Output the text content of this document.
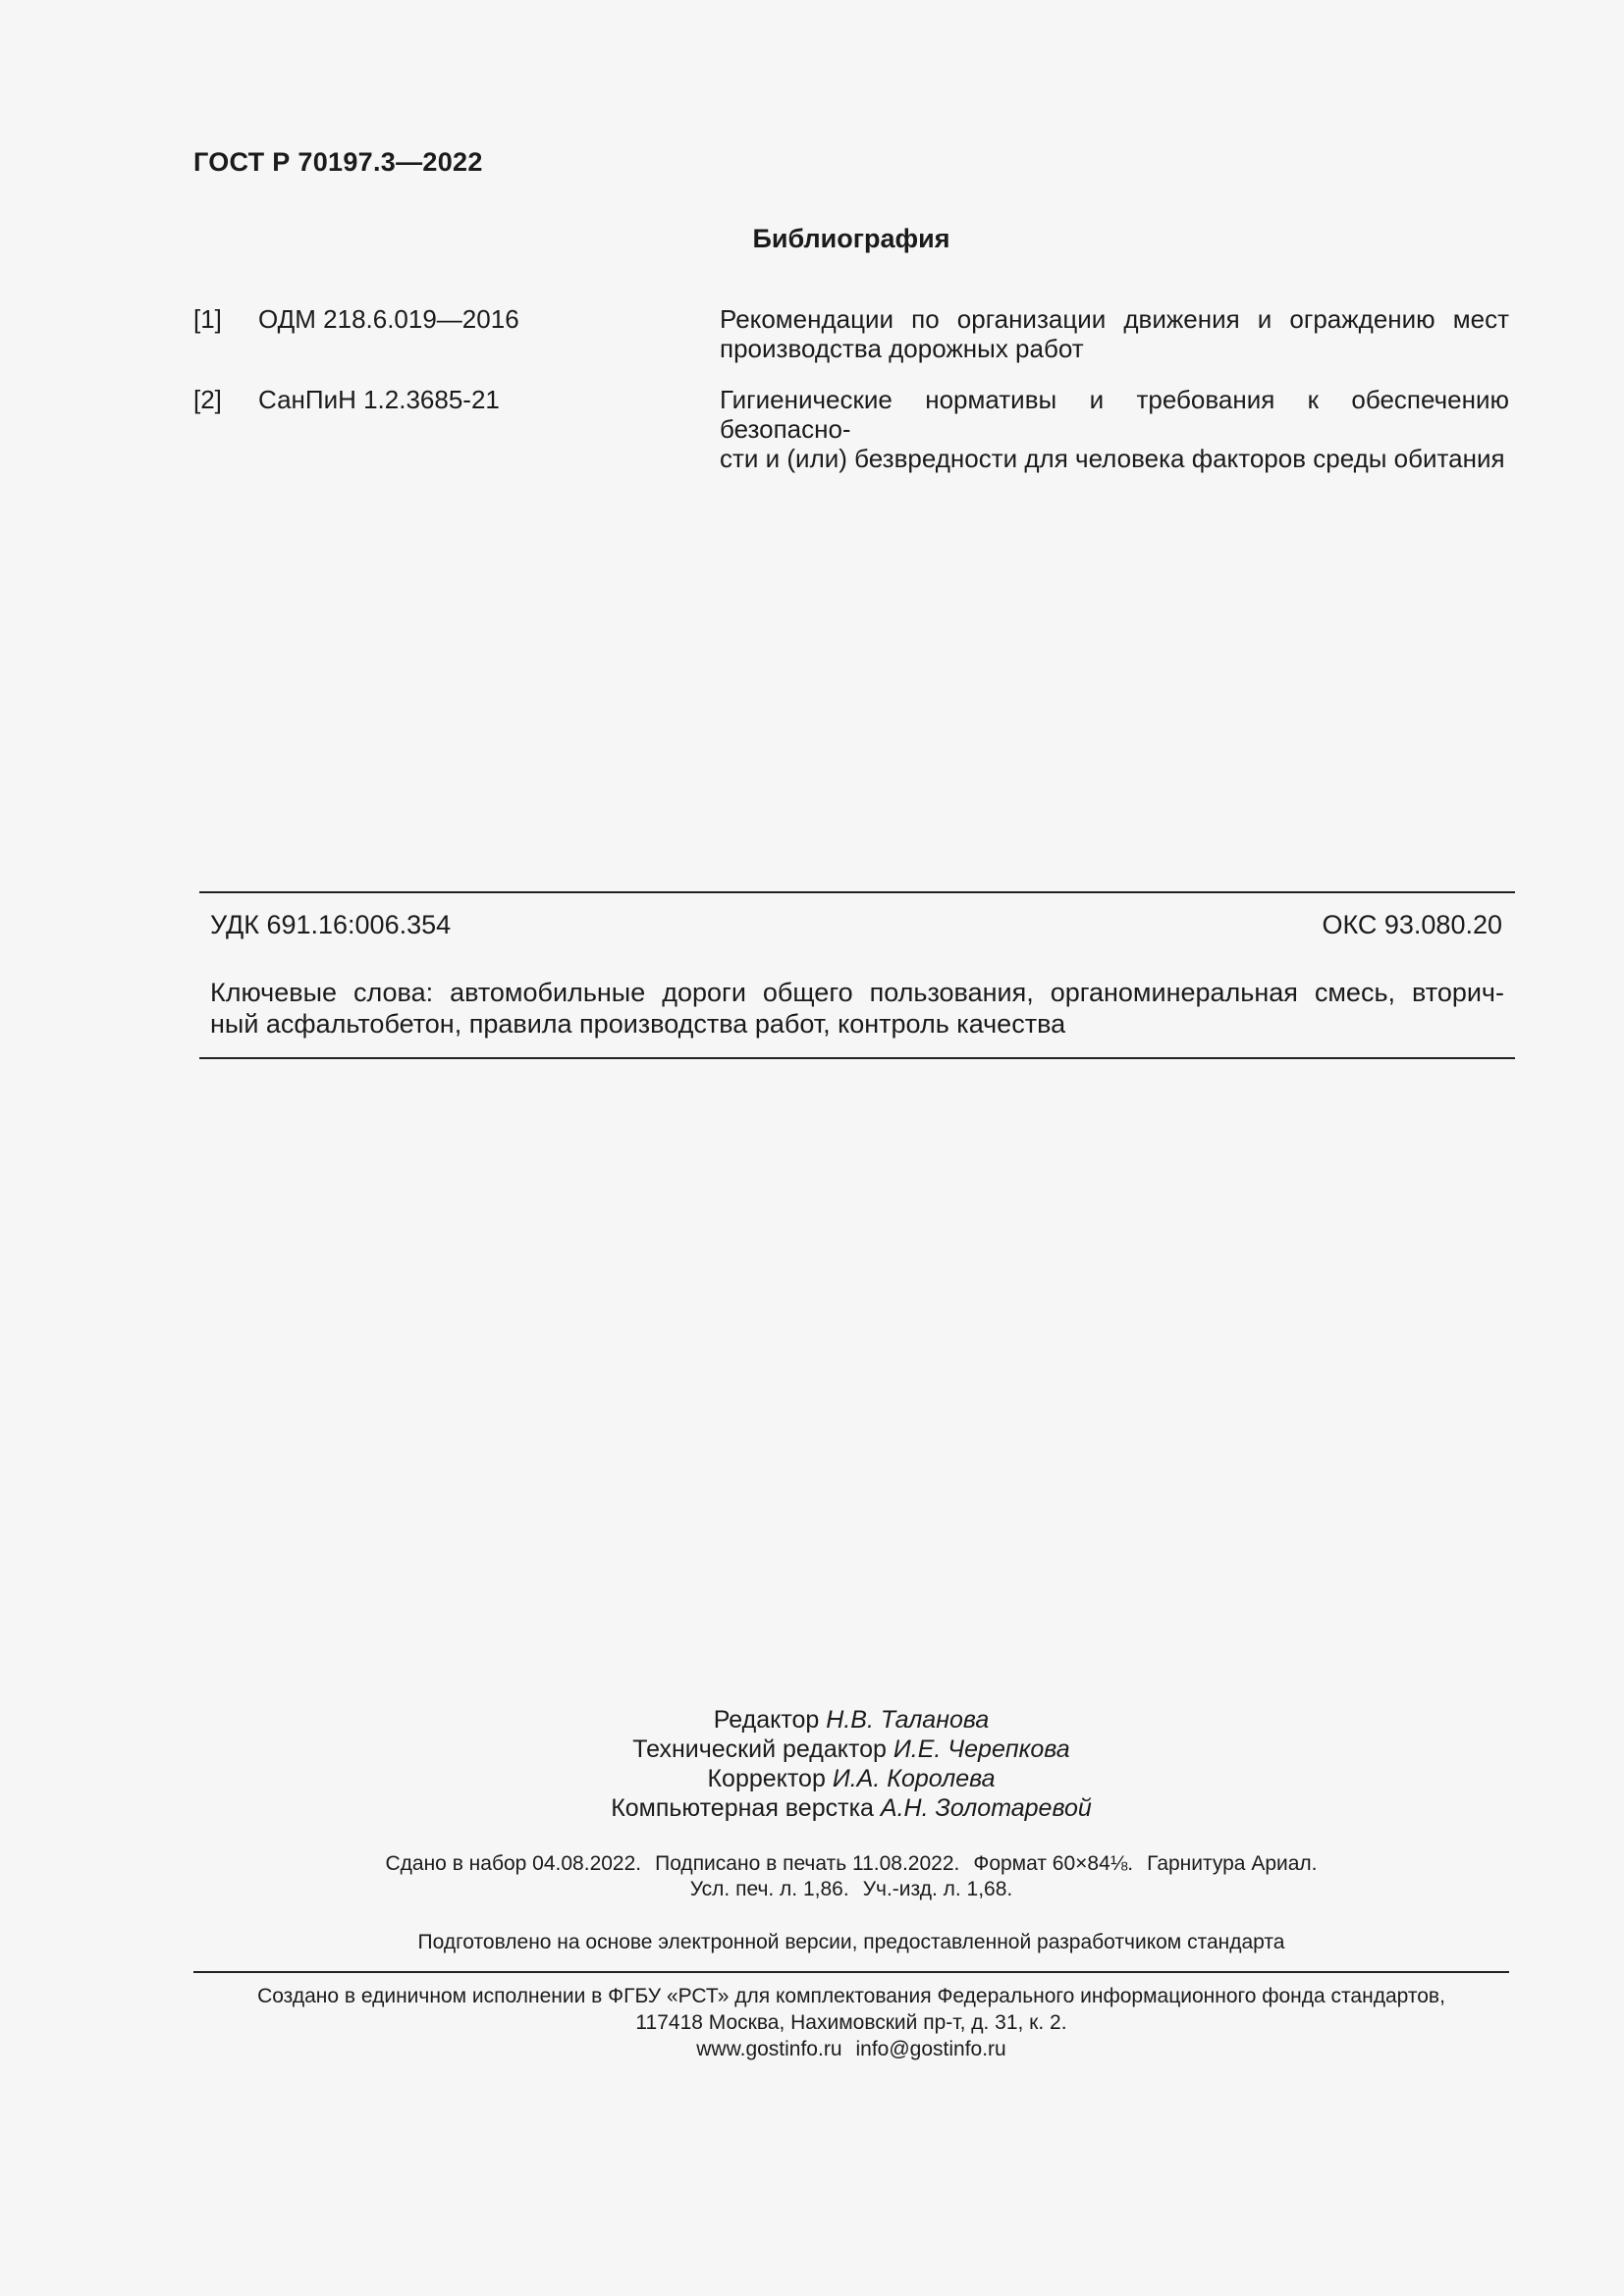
ГОСТ Р 70197.3—2022
Библиография
[1] ОДМ 218.6.019—2016	Рекомендации по организации движения и ограждению мест
производства дорожных работ
[2] СанПиН 1.2.3685-21	Гигиенические нормативы и требования к обеспечению безопасно-
сти и (или) безвредности для человека факторов среды обитания
УДК 691.16:006.354	ОКС 93.080.20
Ключевые слова: автомобильные дороги общего пользования, органоминеральная смесь, вторич-
ный асфальтобетон, правила производства работ, контроль качества
Редактор Н.В. Таланова
Технический редактор И.Е. Черепкова
Корректор И.А. Королева
Компьютерная верстка А.Н. Золотаревой
Сдано в набор 04.08.2022. Подписано в печать 11.08.2022. Формат 60×84⅛. Гарнитура Ариал.
Усл. печ. л. 1,86. Уч.-изд. л. 1,68.
Подготовлено на основе электронной версии, предоставленной разработчиком стандарта
Создано в единичном исполнении в ФГБУ «РСТ» для комплектования Федерального информационного фонда стандартов,
117418 Москва, Нахимовский пр-т, д. 31, к. 2.
www.gostinfo.ru info@gostinfo.ru
